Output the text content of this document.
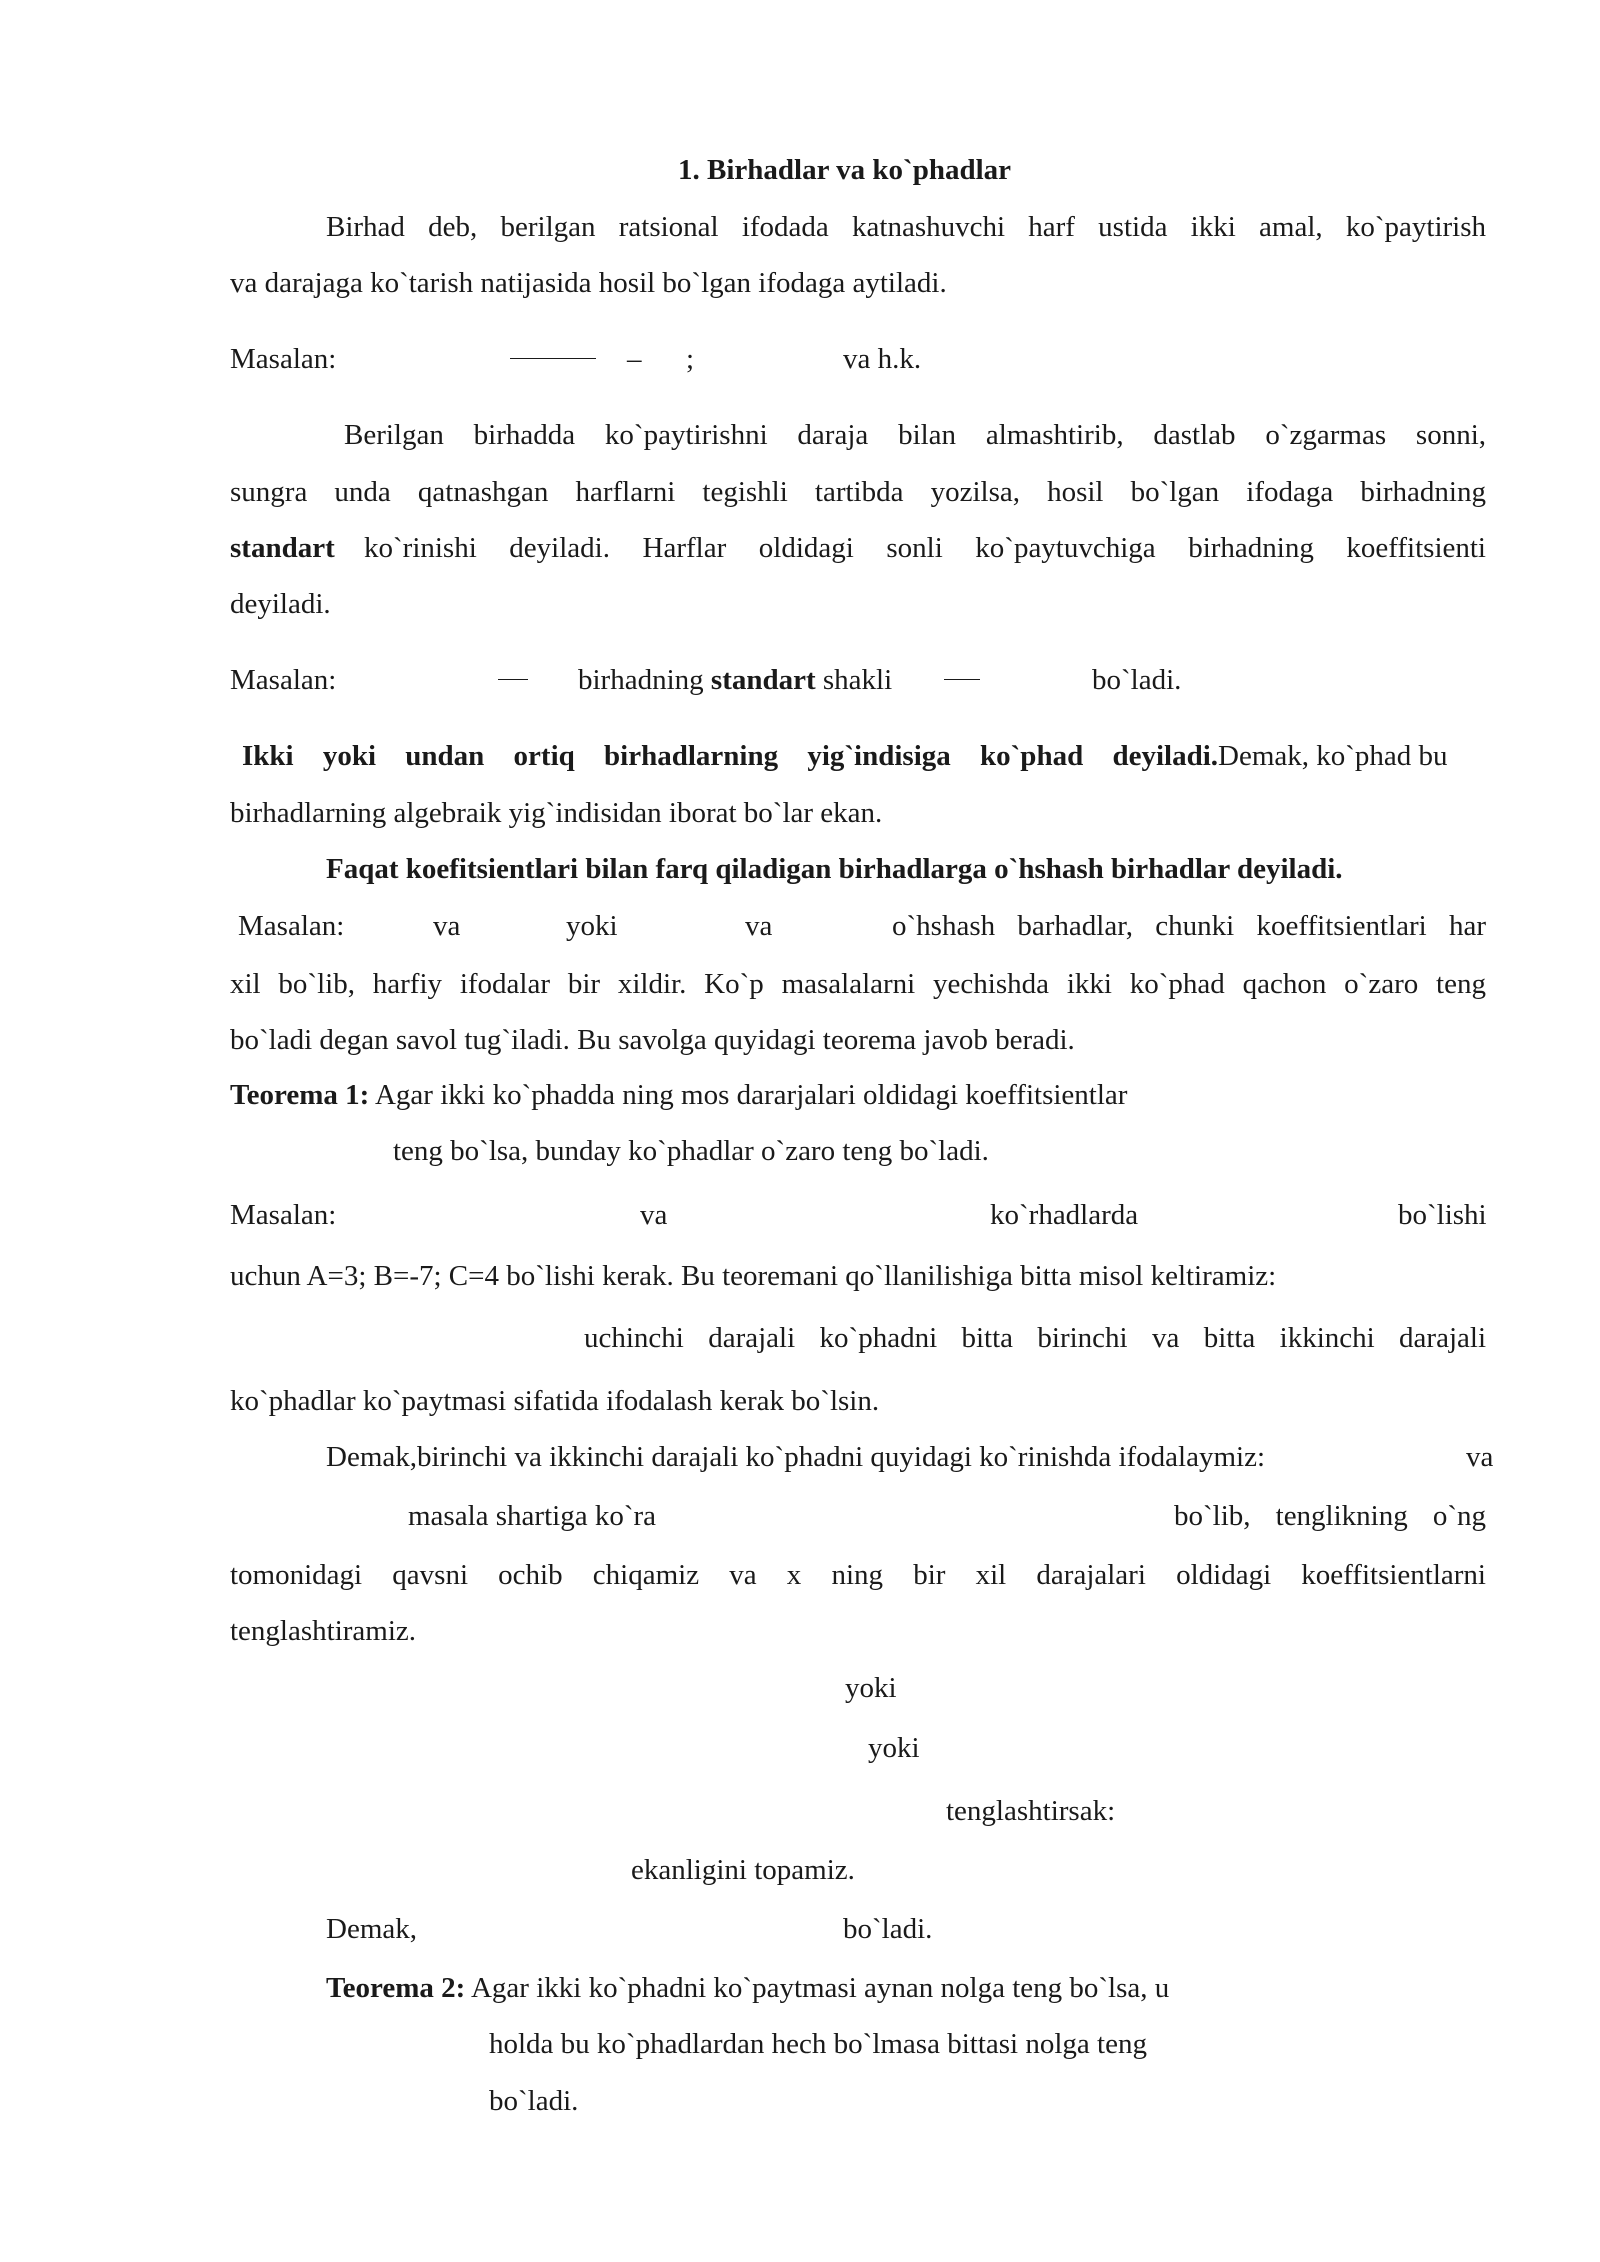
1. Birhadlar va ko`phadlar
Birhad deb, berilgan ratsional ifodada katnashuvchi harf ustida ikki amal, ko`paytirish
va darajaga ko`tarish natijasida hosil bo`lgan ifodaga aytiladi.
Masalan:	– ;	va h.k.
Berilgan birhadda ko`paytirishni daraja bilan almashtirib, dastlab o`zgarmas sonni,
sungra unda qatnashgan harflarni tegishli tartibda yozilsa, hosil bo`lgan ifodaga birhadning
standart ko`rinishi deyiladi. Harflar oldidagi sonli ko`paytuvchiga birhadning koeffitsienti
deyiladi.
Masalan:	birhadning standart shakli	bo`ladi.
Ikki yoki undan ortiq birhadlarning yig`indisiga ko`phad deyiladi. Demak, ko`phad bu
birhadlarning algebraik yig`indisidan iborat bo`lar ekan.
Faqat koefitsientlari bilan farq qiladigan birhadlarga o`hshash birhadlar deyiladi.
Masalan:	va	yoki	va	o`hshash barhadlar, chunki koeffitsientlari har
xil bo`lib, harfiy ifodalar bir xildir. Ko`p masalalarni yechishda ikki ko`phad qachon o`zaro teng
bo`ladi degan savol tug`iladi. Bu savolga quyidagi teorema javob beradi.
Teorema 1: Agar ikki ko`phadda ning mos dararjalari oldidagi koeffitsientlar
teng bo`lsa, bunday ko`phadlar o`zaro teng bo`ladi.
Masalan:	va	ko`rhadlarda	bo`lishi
uchun A=3; B=-7; C=4 bo`lishi kerak. Bu teoremani qo`llanilishiga bitta misol keltiramiz:
uchinchi darajali ko`phadni bitta birinchi va bitta ikkinchi darajali
ko`phadlar ko`paytmasi sifatida ifodalash kerak bo`lsin.
Demak,birinchi va ikkinchi darajali ko`phadni quyidagi ko`rinishda ifodalaymiz:	va
masala shartiga ko`ra	bo`lib, tenglikning o`ng
tomonidagi qavsni ochib chiqamiz va x ning bir xil darajalari oldidagi koeffitsientlarni
tenglashtiramiz.
yoki
yoki
tenglashtirsak:
ekanligini topamiz.
Demak,	bo`ladi.
Teorema 2: Agar ikki ko`phadni ko`paytmasi aynan nolga teng bo`lsa, u
holda bu ko`phadlardan hech bo`lmasa bittasi nolga teng
bo`ladi.
